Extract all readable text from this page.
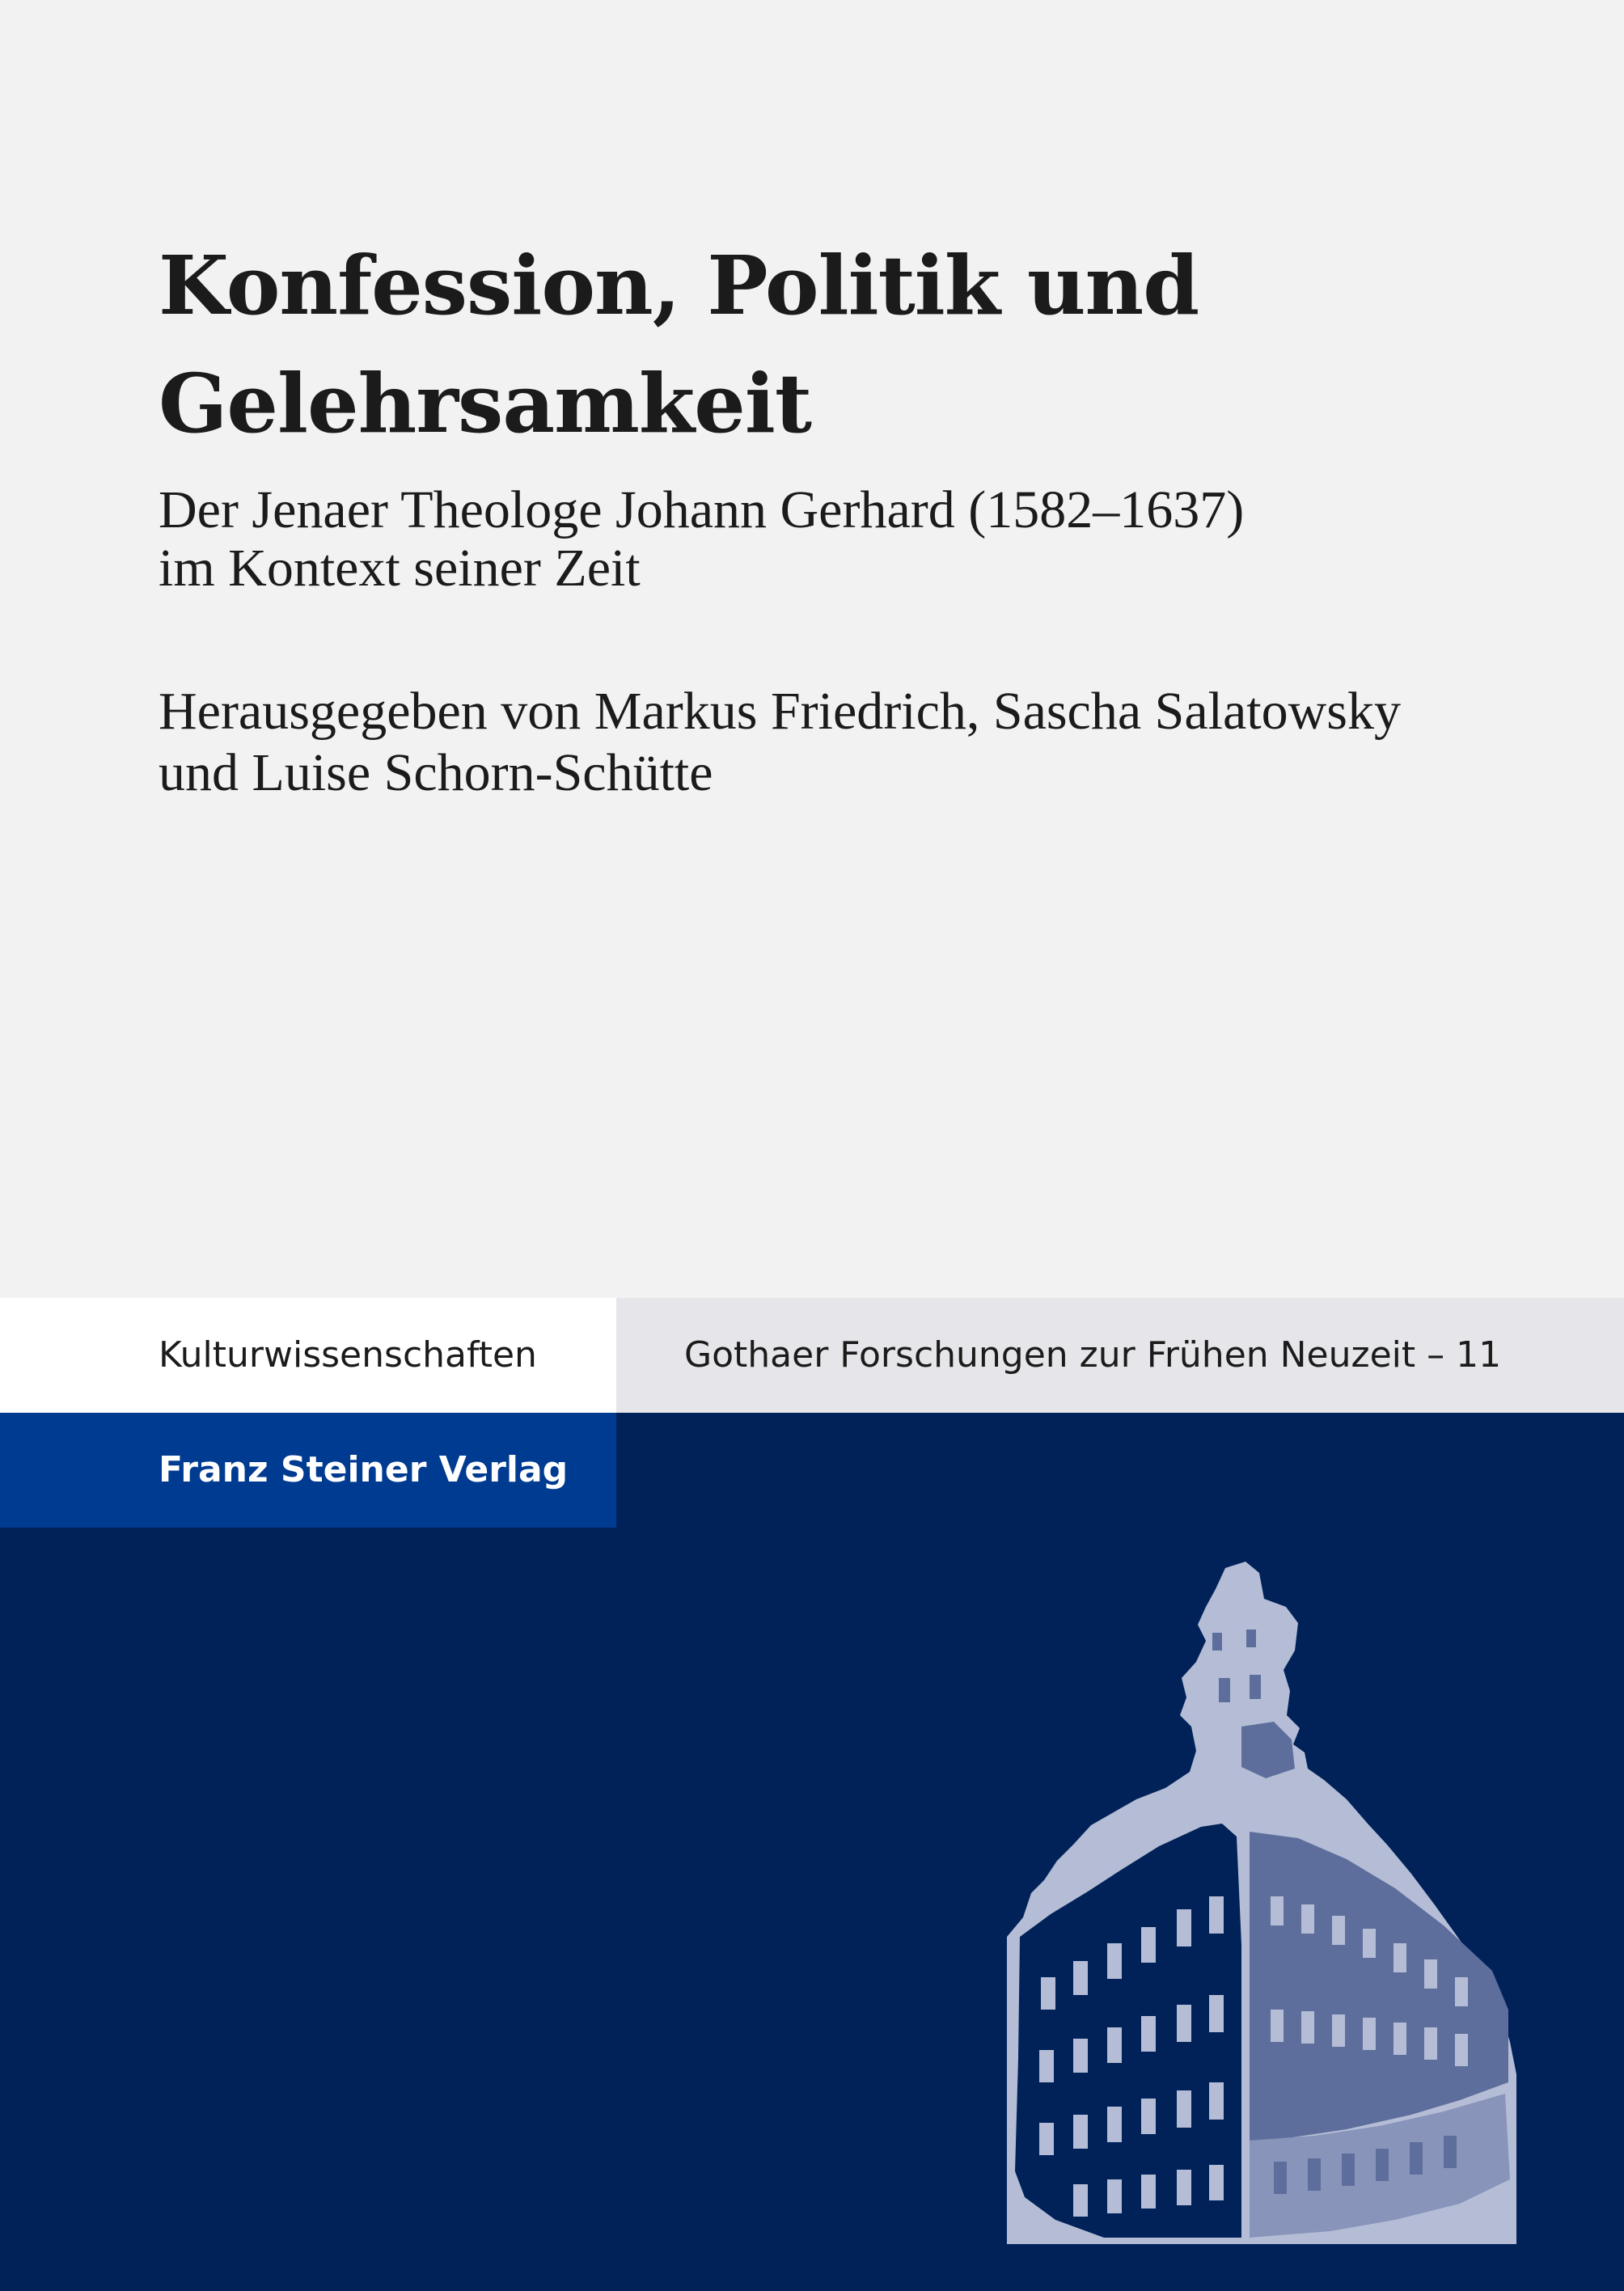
Konfession, Politik und
Gelehrsamkeit

Der Jenaer Theologe Johann Gerhard (1582–1637)
im Kontext seiner Zeit

Herausgegeben von Markus Friedrich, Sascha Salatowsky
und Luise Schorn-Schütte

Kulturwissenschaften	Gothaer Forschungen zur Frühen Neuzeit – 11
Franz Steiner Verlag
